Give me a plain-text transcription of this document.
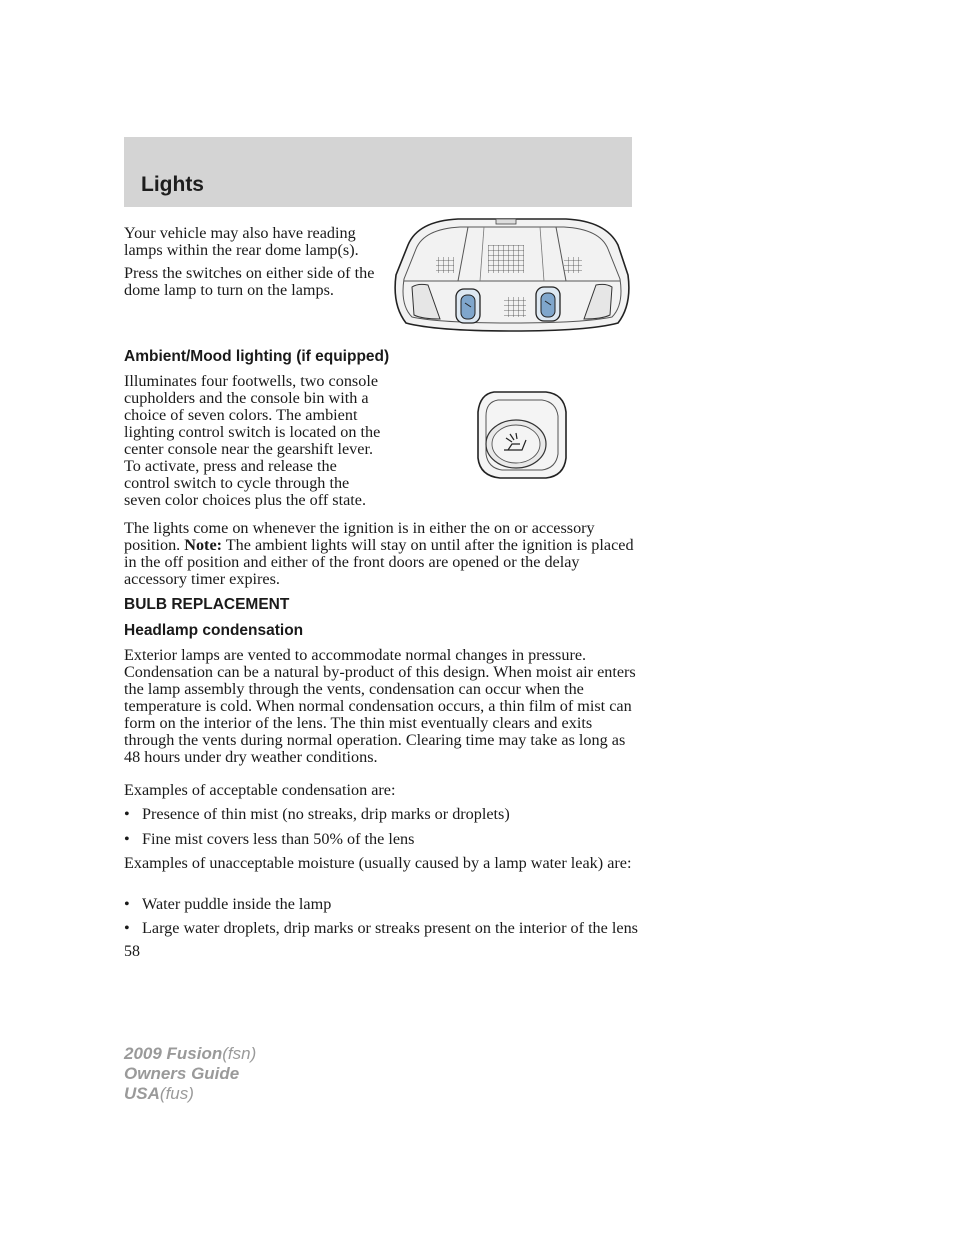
Lights

Your vehicle may also have reading lamps within the rear dome lamp(s).

Press the switches on either side of the dome lamp to turn on the lamps.

Ambient/Mood lighting (if equipped)

Illuminates four footwells, two console cupholders and the console bin with a choice of seven colors. The ambient lighting control switch is located on the center console near the gearshift lever. To activate, press and release the control switch to cycle through the seven color choices plus the off state.

The lights come on whenever the ignition is in either the on or accessory position. Note: The ambient lights will stay on until after the ignition is placed in the off position and either of the front doors are opened or the delay accessory timer expires.

BULB REPLACEMENT
Headlamp condensation

Exterior lamps are vented to accommodate normal changes in pressure. Condensation can be a natural by-product of this design. When moist air enters the lamp assembly through the vents, condensation can occur when the temperature is cold. When normal condensation occurs, a thin film of mist can form on the interior of the lens. The thin mist eventually clears and exits through the vents during normal operation. Clearing time may take as long as 48 hours under dry weather conditions.

Examples of acceptable condensation are:

• Presence of thin mist (no streaks, drip marks or droplets)
• Fine mist covers less than 50% of the lens

Examples of unacceptable moisture (usually caused by a lamp water leak) are:

• Water puddle inside the lamp
• Large water droplets, drip marks or streaks present on the interior of the lens
58
2009 Fusion(fsn)
Owners Guide
USA(fus)
